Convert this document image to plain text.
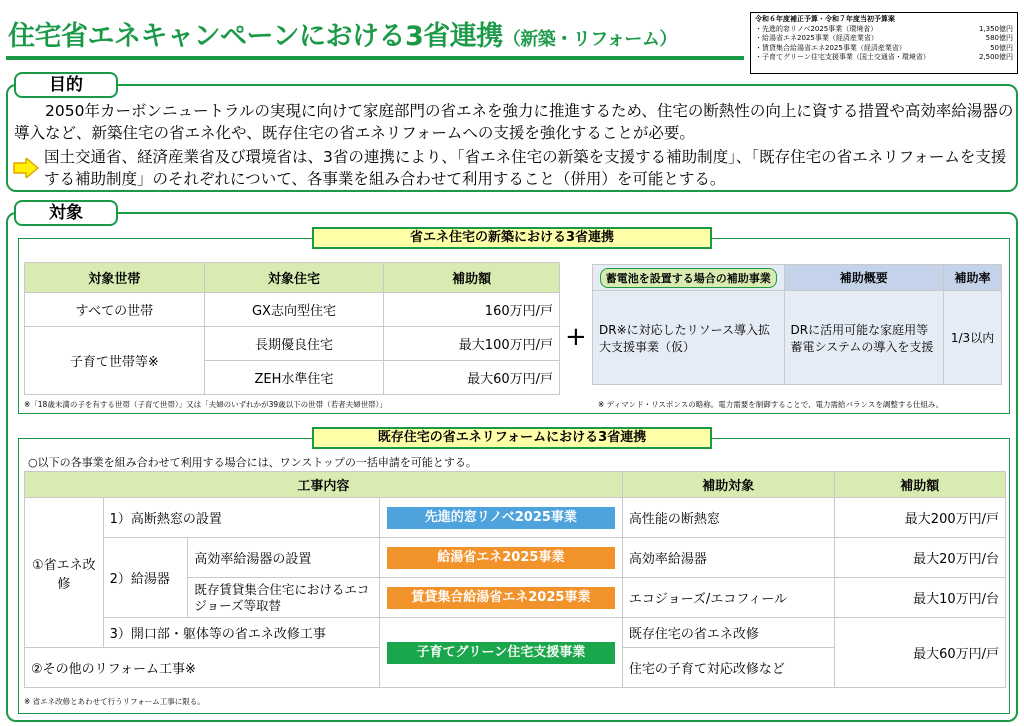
住宅省エネキャンペーンにおける3省連携（新築・リフォーム）
令和６年度補正予算・令和７年度当初予算案
・先進的窓リノベ2025事業（環境省）	1,350億円
・給湯省エネ2025事業（経済産業省）	580億円
・賃貸集合給湯省エネ2025事業（経済産業省）	50億円
・子育てグリーン住宅支援事業（国土交通省・環境省）	2,500億円
目的
2050年カーボンニュートラルの実現に向けて家庭部門の省エネを強力に推進するため、住宅の断熱性の向上に資する措置や高効率給湯器の導入など、新築住宅の省エネ化や、既存住宅の省エネリフォームへの支援を強化することが必要。
国土交通省、経済産業省及び環境省は、3省の連携により、「省エネ住宅の新築を支援する補助制度」、「既存住宅の省エネリフォームを支援する補助制度」のそれぞれについて、各事業を組み合わせて利用すること（併用）を可能とする。
対象
省エネ住宅の新築における3省連携
対象世帯	対象住宅	補助額
すべての世帯	GX志向型住宅	160万円/戸
子育て世帯等※	長期優良住宅	最大100万円/戸
	ZEH水準住宅	最大60万円/戸
+
蓄電池を設置する場合の補助事業	補助概要	補助率
DR※に対応したリソース導入拡大支援事業（仮）	DRに活用可能な家庭用等蓄電システムの導入を支援	1/3以内
※「18歳未満の子を有する世帯（子育て世帯）」又は「夫婦のいずれかが39歳以下の世帯（若者夫婦世帯）」	※ ディマンド・リスポンスの略称。電力需要を制御することで、電力需給バランスを調整する仕組み。
既存住宅の省エネリフォームにおける3省連携
○以下の各事業を組み合わせて利用する場合には、ワンストップの一括申請を可能とする。
工事内容				補助対象	補助額
①省エネ改修	1）高断熱窓の設置		先進的窓リノベ2025事業	高性能の断熱窓	最大200万円/戸
	2）給湯器	高効率給湯器の設置	給湯省エネ2025事業	高効率給湯器	最大20万円/台
		既存賃貸集合住宅におけるエコジョーズ等取替	賃貸集合給湯省エネ2025事業	エコジョーズ/エコフィール	最大10万円/台
	3）開口部・躯体等の省エネ改修工事		子育てグリーン住宅支援事業	既存住宅の省エネ改修	最大60万円/戸
②その他のリフォーム工事※				住宅の子育て対応改修など	
※ 省エネ改修とあわせて行うリフォーム工事に限る。
